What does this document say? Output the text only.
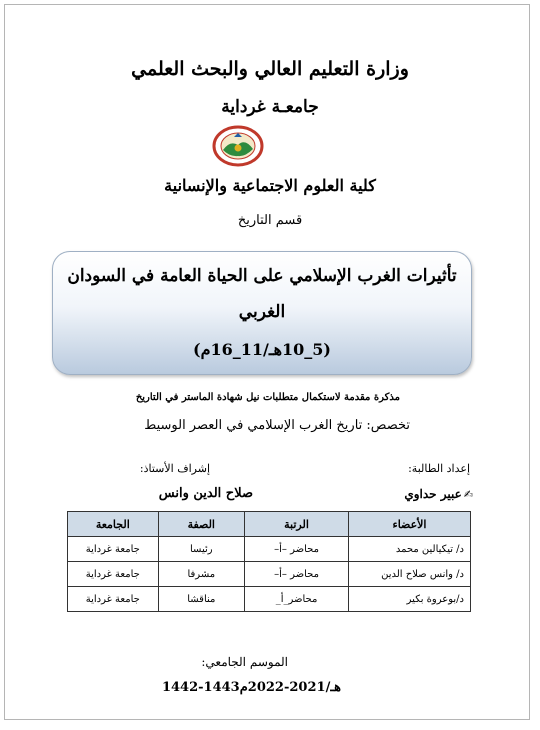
وزارة التعليم العالي والبحث العلمي
جامعـة غرداية
كلية العلوم الاجتماعية والإنسانية
قسم التاريخ
تأثيرات الغرب الإسلامي على الحياة العامة في السودان
الغربي
(5_10هـ/11_16م)
مذكرة مقدمة لاستكمال متطلبات نيل شهادة الماستر في التاريخ
تخصص: تاريخ الغرب الإسلامي في العصر الوسيط
إعداد الطالبة:
إشراف الأستاذ:
✍عبير حداوي
صلاح الدين وانس
الأعضاء	الرتبة	الصفة	الجامعة
د/ تيكيالين محمد	محاضر –أ–	رئيسا	جامعة غرداية
د/ وانس صلاح الدين	محاضر –أ–	مشرفا	جامعة غرداية
د/بوعروة بكير	محاضر_أ_	مناقشا	جامعة غرداية
الموسم الجامعي:
1442-1443هـ/2021-2022م
